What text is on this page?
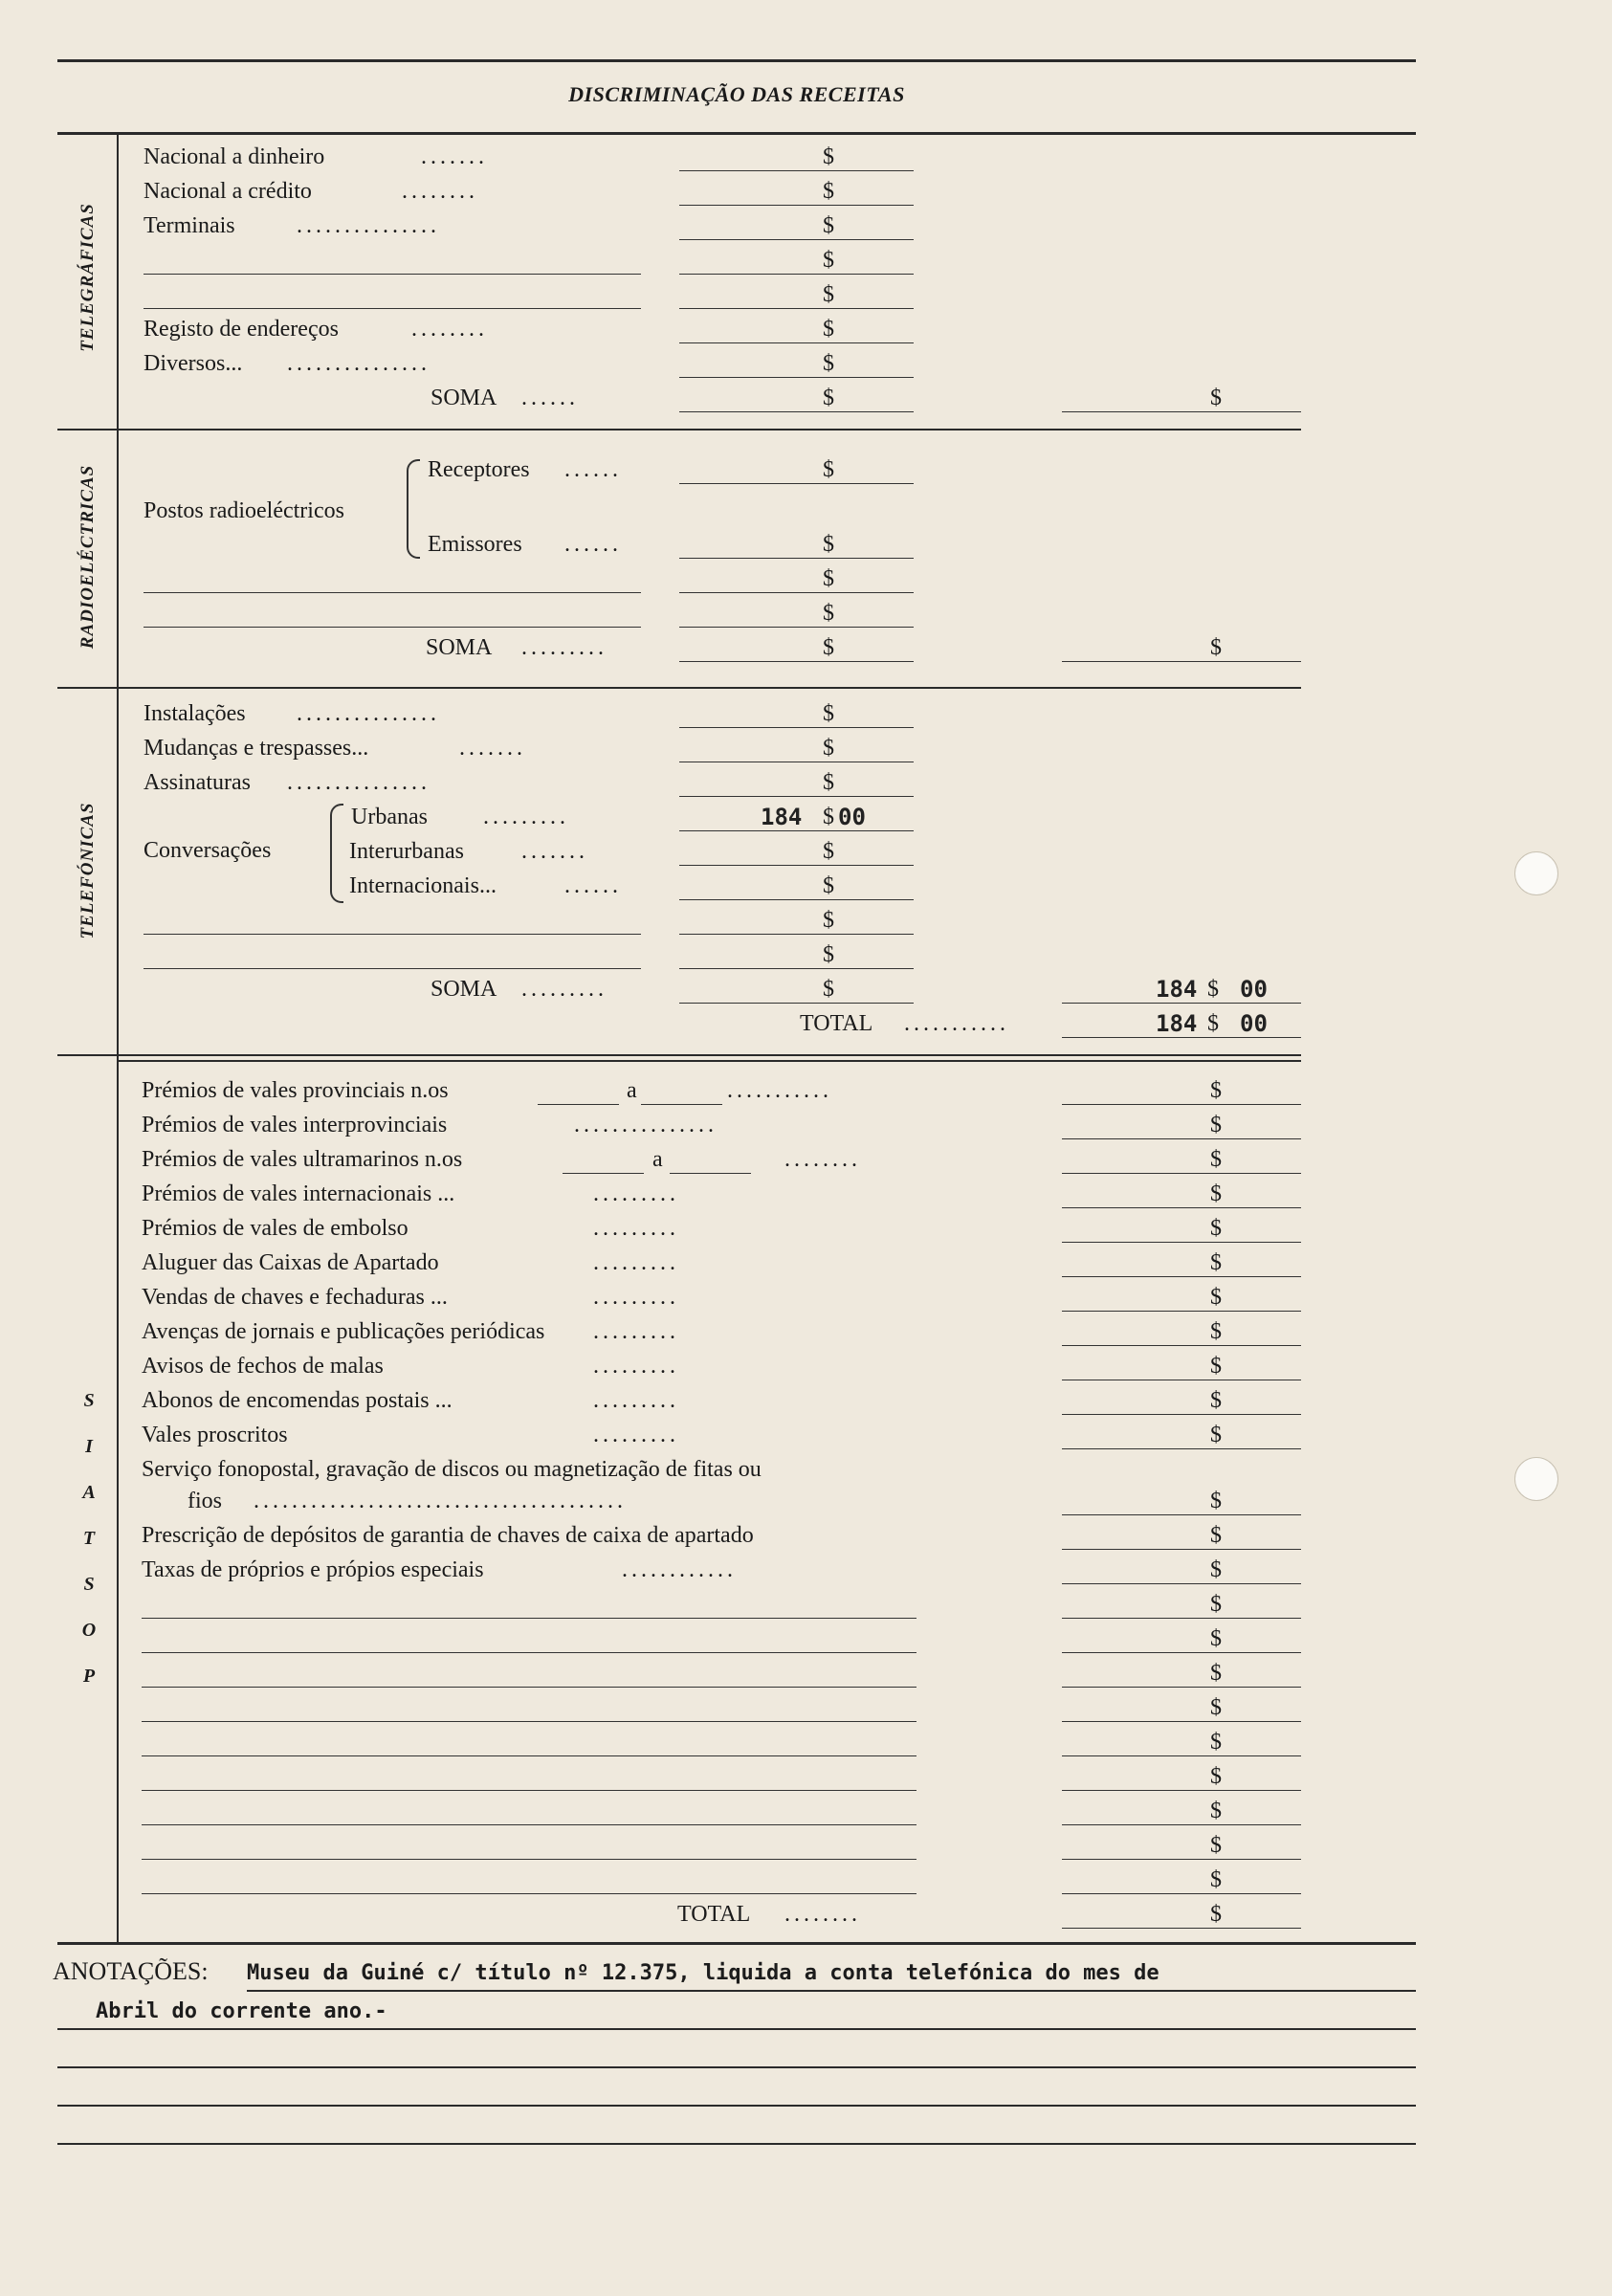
DISCRIMINAÇÃO DAS RECEITAS
TELEGRÁFICAS
Nacional a dinheiro	.......	$
Nacional a crédito	........	$
Terminais	...............	$
$
$
Registo de endereços	........	$
Diversos... ...............	$
SOMA ......	$	$
RADIOELÉCTRICAS	Receptores ......	$
Postos radioeléctricos
Emissores ......	$
$
$
SOMA .........	$	$
TELEFÓNICAS
Instalações ...............	$
Mudanças e trespasses...	.......	$
Assinaturas ...............	$
Urbanas .........	184 $ 00
Conversações	Interurbanas	.......	$
Internacionais...	......	$
$
$
SOMA .........	$	184 $ 00
TOTAL ...........	184 $ 00
S
I
A
T
S
O
P
Prémios de vales provinciais n.os	a	...........	$
Prémios de vales interprovinciais	...............	$
Prémios de vales ultramarinos n.os	a	........	$
Prémios de vales internacionais ...	.........	$
Prémios de vales de embolso	.........	$
Aluguer das Caixas de Apartado	.........	$
Vendas de chaves e fechaduras ...	.........	$
Avenças de jornais e publicações periódicas .........	$
Avisos de fechos de malas	.........	$
Abonos de encomendas postais ...	.........	$
Vales proscritos	.........	$
Serviço fonopostal, gravação de discos ou magnetização de fitas ou
fios .......................................	$
Prescrição de depósitos de garantia de chaves de caixa de apartado	$
Taxas de próprios e própios especiais	............	$
$
$
$
$
$
$
$
$
$
TOTAL ........	$
ANOTAÇÕES: Museu da Guiné c/ título nº 12.375, liquida a conta telefónica do mes de
Abril do corrente ano.-
